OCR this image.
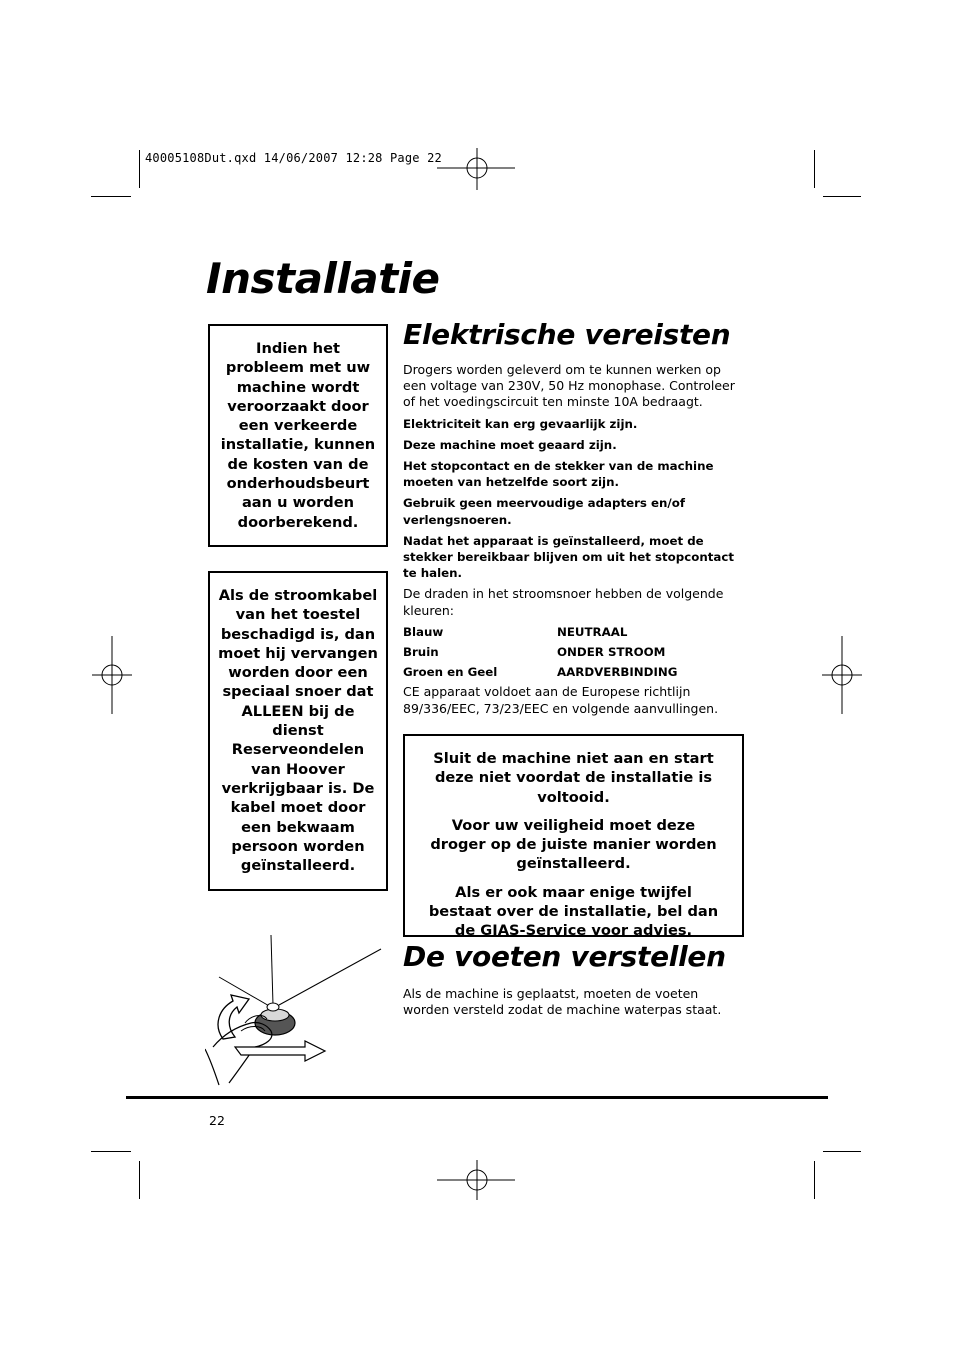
40005108Dut.qxd 14/06/2007 12:28 Page 22
Installatie

Indien het probleem met uw machine wordt veroorzaakt door een verkeerde installatie, kunnen de kosten van de onderhoudsbeurt aan u worden doorberekend.

Als de stroomkabel van het toestel beschadigd is, dan moet hij vervangen worden door een speciaal snoer dat ALLEEN bij de dienst Reserveondelen van Hoover verkrijgbaar is. De kabel moet door een bekwaam persoon worden geïnstalleerd.

Elektrische vereisten

Drogers worden geleverd om te kunnen werken op een voltage van 230V, 50 Hz monophase. Controleer of het voedingscircuit ten minste 10A bedraagt.

Elektriciteit kan erg gevaarlijk zijn.

Deze machine moet geaard zijn.

Het stopcontact en de stekker van de machine moeten van hetzelfde soort zijn.

Gebruik geen meervoudige adapters en/of verlengsnoeren.

Nadat het apparaat is geïnstalleerd, moet de stekker bereikbaar blijven om uit het stopcontact te halen.

De draden in het stroomsnoer hebben de volgende kleuren:

Blauw	NEUTRAAL
Bruin	ONDER STROOM
Groen en Geel	AARDVERBINDING

CE apparaat voldoet aan de Europese richtlijn 89/336/EEC, 73/23/EEC en volgende aanvullingen.

Sluit de machine niet aan en start deze niet voordat de installatie is voltooid.

Voor uw veiligheid moet deze droger op de juiste manier worden geïnstalleerd.

Als er ook maar enige twijfel bestaat over de installatie, bel dan de GIAS-Service voor advies.

De voeten verstellen

Als de machine is geplaatst, moeten de voeten worden versteld zodat de machine waterpas staat.

22
